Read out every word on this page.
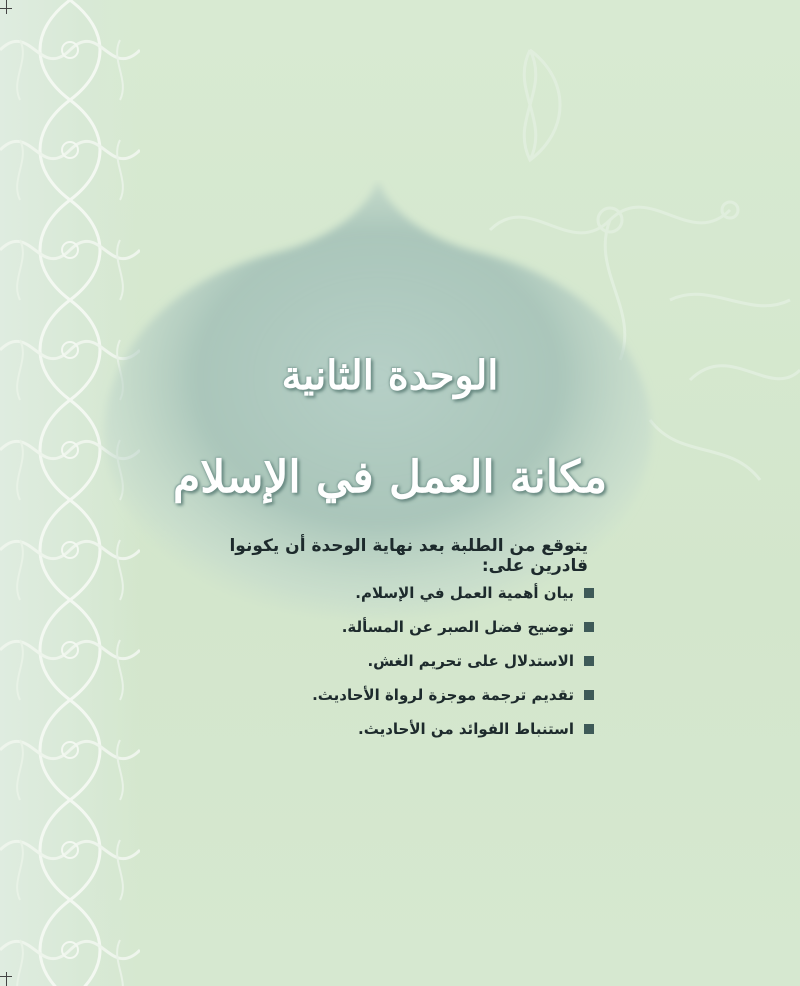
الوحدة الثانية
مكانة العمل في الإسلام
يتوقع من الطلبة بعد نهاية الوحدة أن يكونوا قادرين على:
بيان أهمية العمل في الإسلام.
توضيح فضل الصبر عن المسألة.
الاستدلال على تحريم الغش.
تقديم ترجمة موجزة لرواة الأحاديث.
استنباط الفوائد من الأحاديث.
